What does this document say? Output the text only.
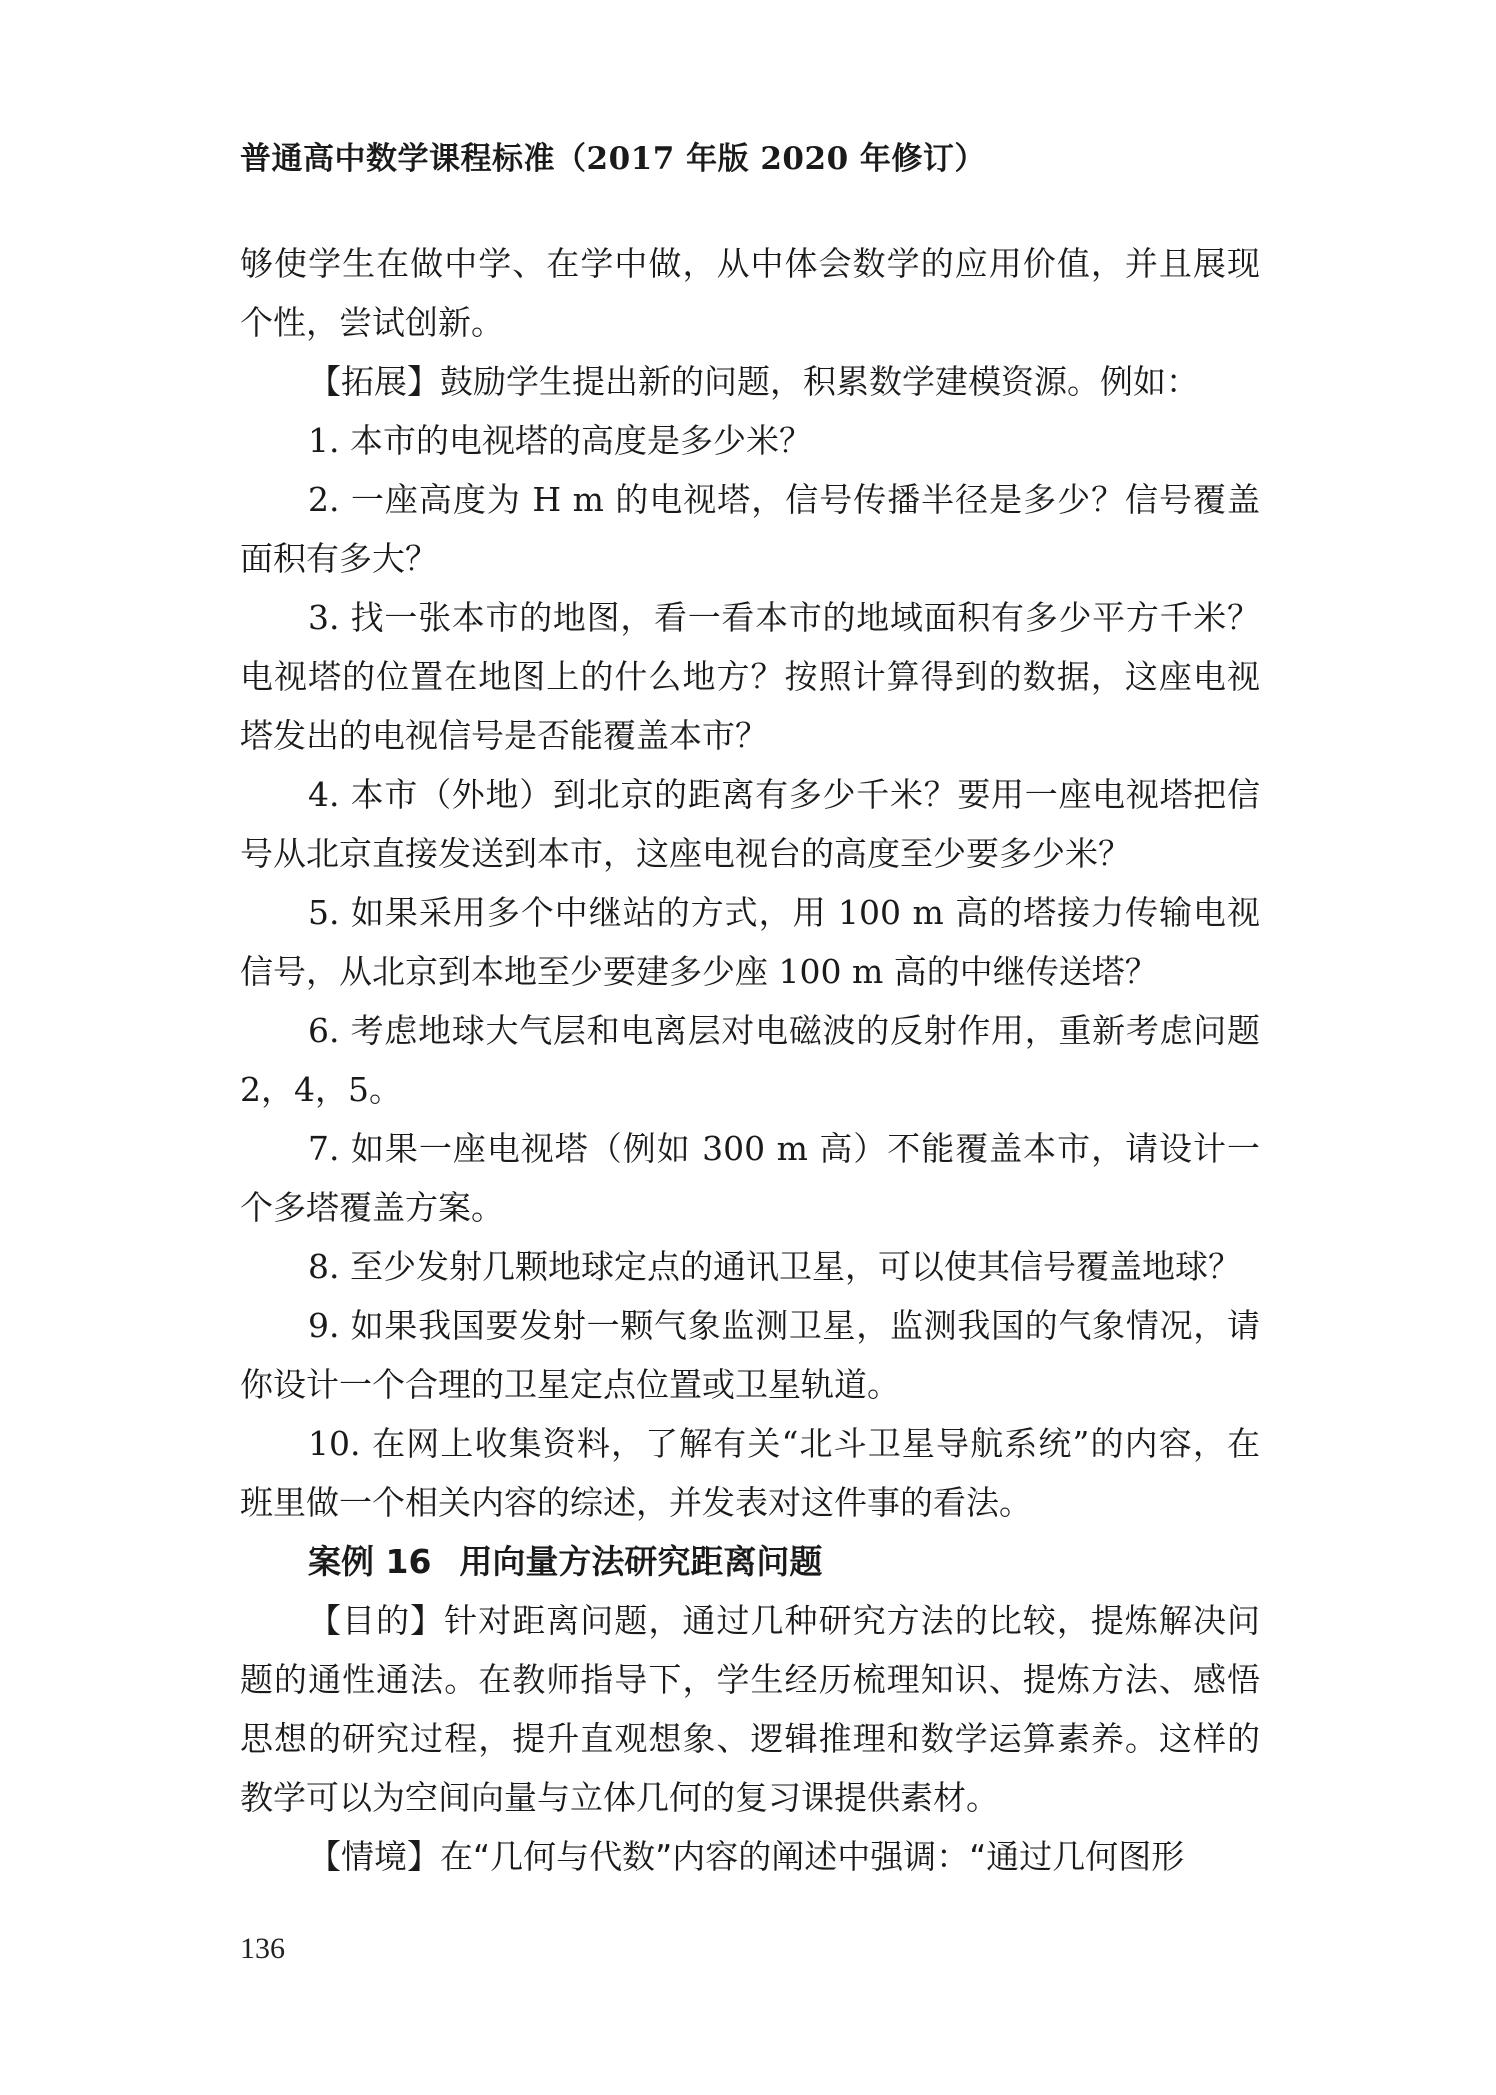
普通高中数学课程标准（2017 年版 2020 年修订）

够使学生在做中学、在学中做，从中体会数学的应用价值，并且展现个性，尝试创新。

【拓展】鼓励学生提出新的问题，积累数学建模资源。例如：

1. 本市的电视塔的高度是多少米？

2. 一座高度为 H m 的电视塔，信号传播半径是多少？信号覆盖面积有多大？

3. 找一张本市的地图，看一看本市的地域面积有多少平方千米？电视塔的位置在地图上的什么地方？按照计算得到的数据，这座电视塔发出的电视信号是否能覆盖本市？

4. 本市（外地）到北京的距离有多少千米？要用一座电视塔把信号从北京直接发送到本市，这座电视台的高度至少要多少米？

5. 如果采用多个中继站的方式，用 100 m 高的塔接力传输电视信号，从北京到本地至少要建多少座 100 m 高的中继传送塔？

6. 考虑地球大气层和电离层对电磁波的反射作用，重新考虑问题 2，4，5。

7. 如果一座电视塔（例如 300 m 高）不能覆盖本市，请设计一个多塔覆盖方案。

8. 至少发射几颗地球定点的通讯卫星，可以使其信号覆盖地球？

9. 如果我国要发射一颗气象监测卫星，监测我国的气象情况，请你设计一个合理的卫星定点位置或卫星轨道。

10. 在网上收集资料，了解有关“北斗卫星导航系统”的内容，在班里做一个相关内容的综述，并发表对这件事的看法。

案例 16 用向量方法研究距离问题

【目的】针对距离问题，通过几种研究方法的比较，提炼解决问题的通性通法。在教师指导下，学生经历梳理知识、提炼方法、感悟思想的研究过程，提升直观想象、逻辑推理和数学运算素养。这样的教学可以为空间向量与立体几何的复习课提供素材。

【情境】在“几何与代数”内容的阐述中强调：“通过几何图形

136
